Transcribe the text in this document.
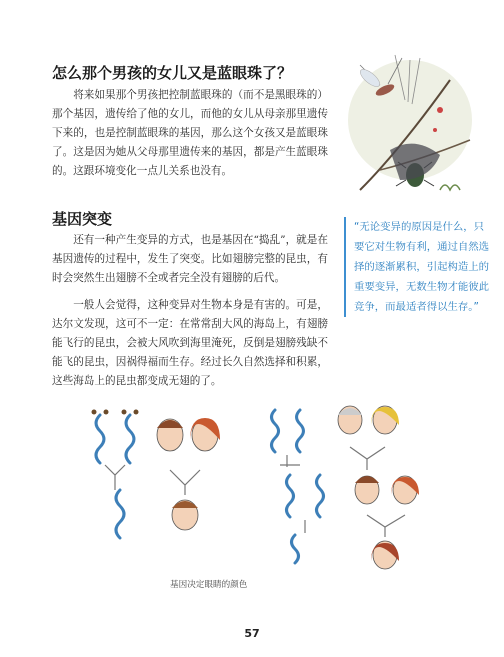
怎么那个男孩的女儿又是蓝眼珠了？

将来如果那个男孩把控制蓝眼珠的（而不是黑眼珠的）那个基因，遗传给了他的女儿，而他的女儿从母亲那里遗传下来的，也是控制蓝眼珠的基因，那么这个女孩又是蓝眼珠了。这是因为她从父母那里遗传来的基因，都是产生蓝眼珠的。这跟环境变化一点儿关系也没有。

基因突变

还有一种产生变异的方式，也是基因在“捣乱”，就是在基因遗传的过程中，发生了突变。比如翅膀完整的昆虫，有时会突然生出翅膀不全或者完全没有翅膀的后代。

一般人会觉得，这种变异对生物本身是有害的。可是，达尔文发现，这可不一定：在常常刮大风的海岛上，有翅膀能飞行的昆虫，会被大风吹到海里淹死，反倒是翅膀残缺不能飞的昆虫，因祸得福而生存。经过长久自然选择和积累，这些海岛上的昆虫都变成无翅的了。

“无论变异的原因是什么，只要它对生物有利，通过自然选择的逐渐累积，引起构造上的重要变异，无数生物才能彼此竞争，而最适者得以生存。”

基因决定眼睛的颜色

57
